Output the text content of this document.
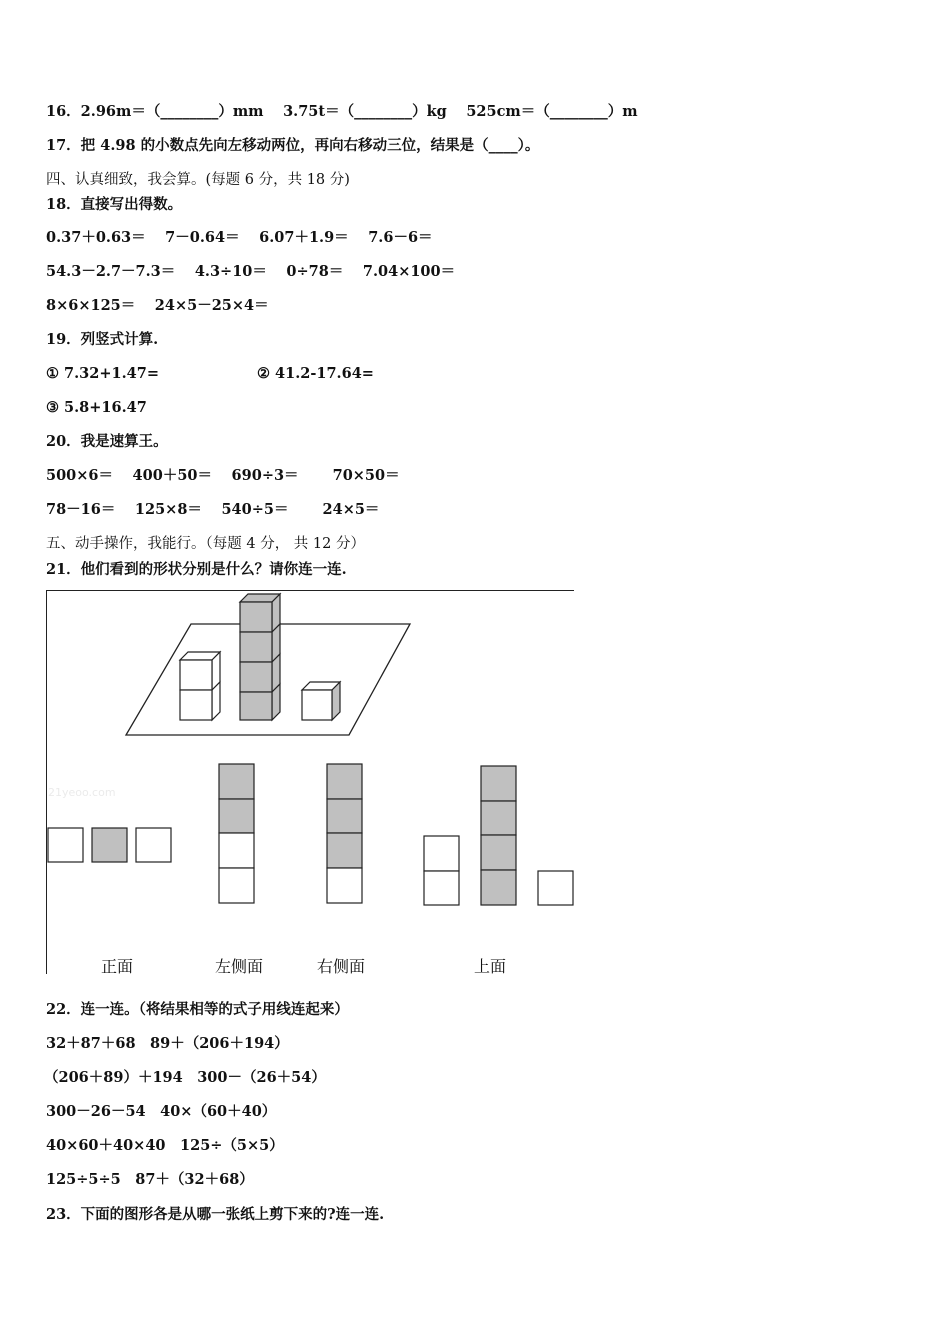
16．2.96m＝（________）mm　 3.75t＝（________）kg　 525cm＝（________）m
17．把 4.98 的小数点先向左移动两位，再向右移动三位，结果是（____）。
四、认真细致，我会算。(每题 6 分，共 18 分)
18．直接写出得数。
0.37＋0.63＝　 7－0.64＝　 6.07＋1.9＝　 7.6－6＝
54.3－2.7－7.3＝　 4.3÷10＝　 0÷78＝　 7.04×100＝
8×6×125＝　 24×5－25×4＝
19．列竖式计算.
① 7.32+1.47=	② 41.2-17.64=
③ 5.8+16.47
20．我是速算王。
500×6＝　 400＋50＝　 690÷3＝　　 70×50＝
78－16＝　 125×8＝　 540÷5＝　　 24×5＝
五、动手操作，我能行。（每题 4 分， 共 12 分）
21．他们看到的形状分别是什么？请你连一连.
21yeoo.com
正面	左侧面	右侧面	上面
22．连一连。（将结果相等的式子用线连起来）
32＋87＋68　89＋（206＋194）
（206＋89）＋194　300－（26＋54）
300－26－54　40×（60＋40）
40×60＋40×40　125÷（5×5）
125÷5÷5　87＋（32＋68）
23．下面的图形各是从哪一张纸上剪下来的?连一连.
